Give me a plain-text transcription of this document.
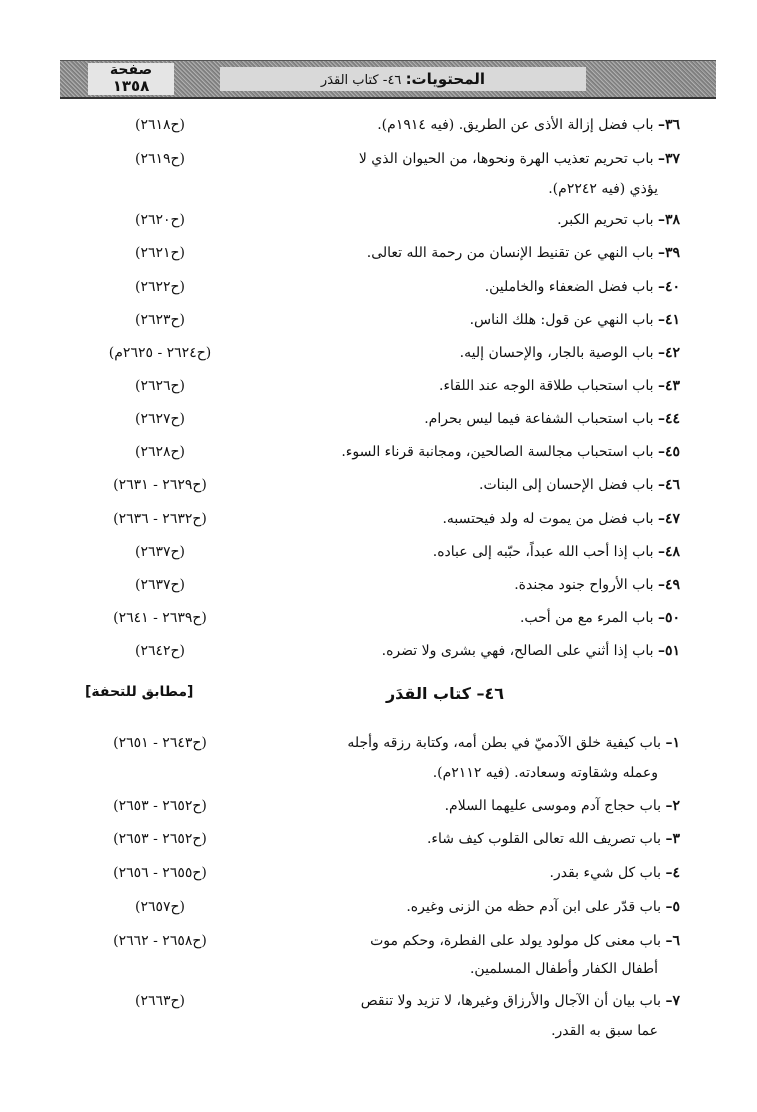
صفحة
١٣٥٨	المحتويات: ٤٦- كتاب القدَر
٣٦– باب فضل إزالة الأذى عن الطريق. (فيه ١٩١٤م).
(ح٢٦١٨)
٣٧– باب تحريم تعذيب الهرة ونحوها، من الحيوان الذي لا
يؤذي (فيه ٢٢٤٢م).
(ح٢٦١٩)
٣٨– باب تحريم الكبر.
(ح٢٦٢٠)
٣٩– باب النهي عن تقنيط الإنسان من رحمة الله تعالى.
(ح٢٦٢١)
٤٠– باب فضل الضعفاء والخاملين.
(ح٢٦٢٢)
٤١– باب النهي عن قول: هلك الناس.
(ح٢٦٢٣)
٤٢– باب الوصية بالجار، والإحسان إليه.
(ح٢٦٢٤ - ٢٦٢٥م)
٤٣– باب استحباب طلاقة الوجه عند اللقاء.
(ح٢٦٢٦)
٤٤– باب استحباب الشفاعة فيما ليس بحرام.
(ح٢٦٢٧)
٤٥– باب استحباب مجالسة الصالحين، ومجانبة قرناء السوء.
(ح٢٦٢٨)
٤٦– باب فضل الإحسان إلى البنات.
(ح٢٦٢٩ - ٢٦٣١)
٤٧– باب فضل من يموت له ولد فيحتسبه.
(ح٢٦٣٢ - ٢٦٣٦)
٤٨– باب إذا أحب الله عبداً، حبّبه إلى عباده.
(ح٢٦٣٧)
٤٩– باب الأرواح جنود مجندة.
(ح٢٦٣٧)
٥٠– باب المرء مع من أحب.
(ح٢٦٣٩ - ٢٦٤١)
٥١– باب إذا أثني على الصالح، فهي بشرى ولا تضره.
(ح٢٦٤٢)
٤٦– كتاب القدَر
[مطابق للتحفة]
١– باب كيفية خلق الآدميّ في بطن أمه، وكتابة رزقه وأجله
وعمله وشقاوته وسعادته. (فيه ٢١١٢م).
(ح٢٦٤٣ - ٢٦٥١)
٢– باب حجاج آدم وموسى عليهما السلام.
(ح٢٦٥٢ - ٢٦٥٣)
٣– باب تصريف الله تعالى القلوب كيف شاء.
(ح٢٦٥٢ - ٢٦٥٣)
٤– باب كل شيء بقدر.
(ح٢٦٥٥ - ٢٦٥٦)
٥– باب قدّر على ابن آدم حظه من الزنى وغيره.
(ح٢٦٥٧)
٦– باب معنى كل مولود يولد على الفطرة، وحكم موت
أطفال الكفار وأطفال المسلمين.
(ح٢٦٥٨ - ٢٦٦٢)
٧– باب بيان أن الآجال والأرزاق وغيرها، لا تزيد ولا تنقص
عما سبق به القدر.
(ح٢٦٦٣)
